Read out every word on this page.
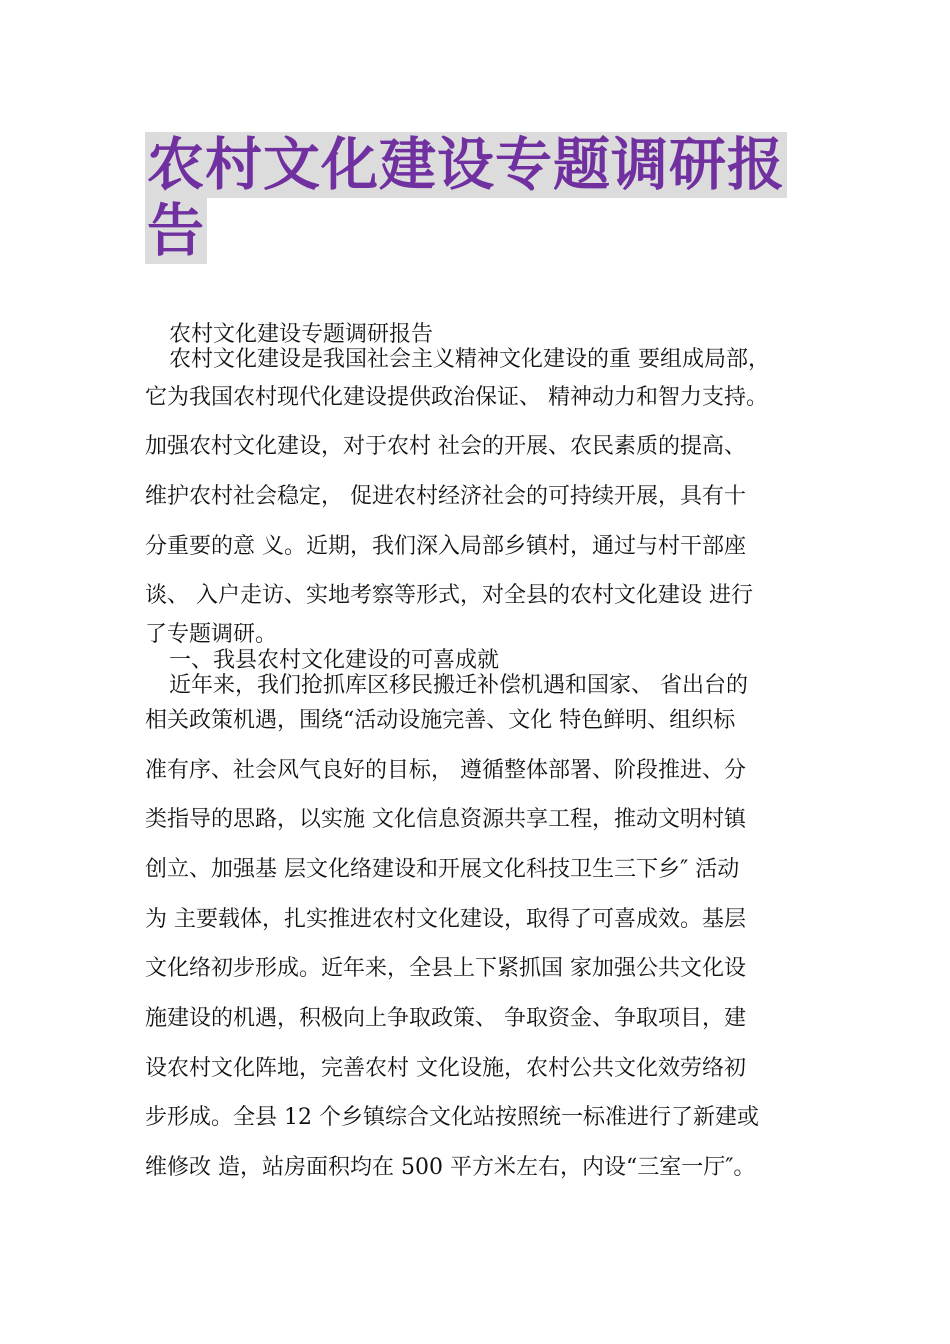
农村文化建设专题调研报
告
农村文化建设专题调研报告
农村文化建设是我国社会主义精神文化建设的重 要组成局部，
它为我国农村现代化建设提供政治保证、 精神动力和智力支持。
加强农村文化建设，对于农村 社会的开展、农民素质的提高、
维护农村社会稳定， 促进农村经济社会的可持续开展，具有十
分重要的意 义。近期，我们深入局部乡镇村，通过与村干部座
谈、 入户走访、实地考察等形式，对全县的农村文化建设 进行
了专题调研。
一、我县农村文化建设的可喜成就
近年来，我们抢抓库区移民搬迁补偿机遇和国家、 省出台的
相关政策机遇，围绕“活动设施完善、文化 特色鲜明、组织标
准有序、社会风气良好的目标， 遵循整体部署、阶段推进、分
类指导的思路，以实施 文化信息资源共享工程，推动文明村镇
创立、加强基 层文化络建设和开展文化科技卫生三下乡″ 活动
为 主要载体，扎实推进农村文化建设，取得了可喜成效。基层
文化络初步形成。近年来，全县上下紧抓国 家加强公共文化设
施建设的机遇，积极向上争取政策、 争取资金、争取项目，建
设农村文化阵地，完善农村 文化设施，农村公共文化效劳络初
步形成。全县 12 个乡镇综合文化站按照统一标准进行了新建或
维修改 造，站房面积均在 500 平方米左右，内设“三室一厅″。
